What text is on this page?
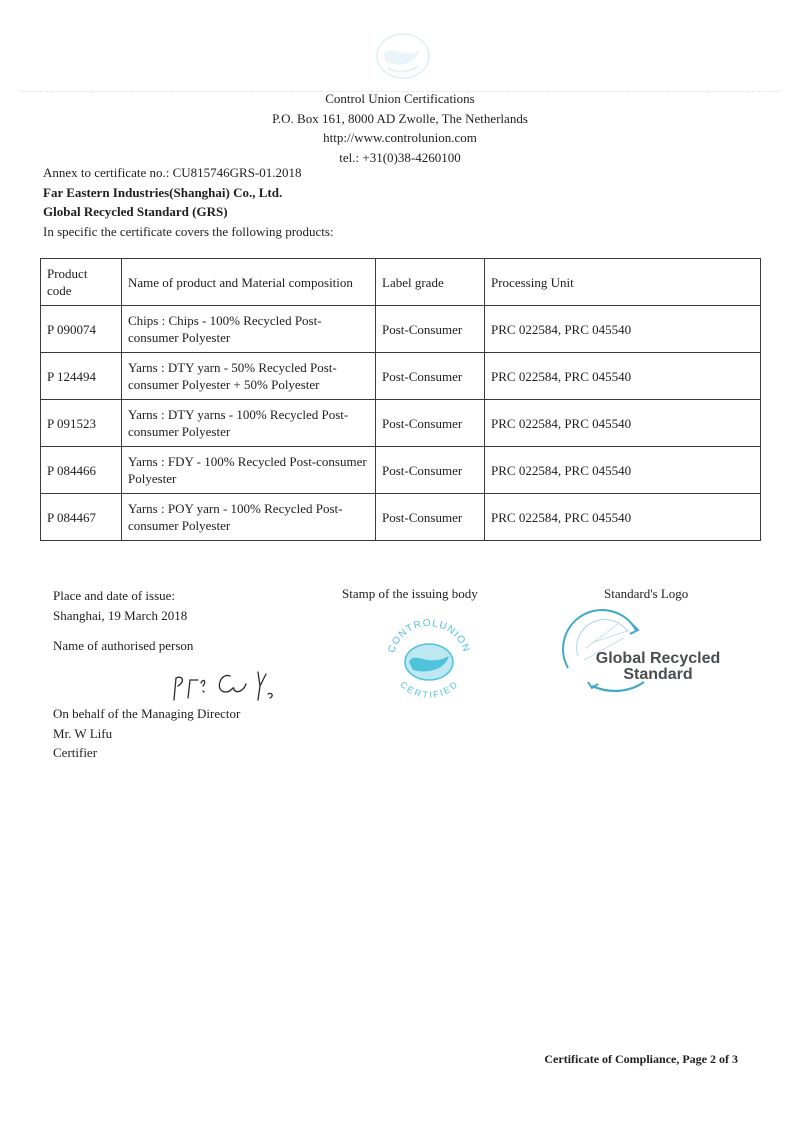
Control Union Certifications
P.O. Box 161, 8000 AD Zwolle, The Netherlands
http://www.controlunion.com
tel.: +31(0)38-4260100
Annex to certificate no.: CU815746GRS-01.2018
Far Eastern Industries(Shanghai) Co., Ltd.
Global Recycled Standard (GRS)
In specific the certificate covers the following products:
Product code	Name of product and Material composition	Label grade	Processing Unit
P 090074	Chips : Chips - 100% Recycled Post-consumer Polyester	Post-Consumer	PRC 022584, PRC 045540
P 124494	Yarns : DTY yarn - 50% Recycled Post-consumer Polyester + 50% Polyester	Post-Consumer	PRC 022584, PRC 045540
P 091523	Yarns : DTY yarns - 100% Recycled Post-consumer Polyester	Post-Consumer	PRC 022584, PRC 045540
P 084466	Yarns : FDY - 100% Recycled Post-consumer Polyester	Post-Consumer	PRC 022584, PRC 045540
P 084467	Yarns : POY yarn - 100% Recycled Post-consumer Polyester	Post-Consumer	PRC 022584, PRC 045540
Place and date of issue:
Shanghai, 19 March 2018
Name of authorised person
On behalf of the Managing Director
Mr. W Lifu
Certifier
Stamp of the issuing body
CONTROLUNION
CERTIFIED
Standard's Logo
Global Recycled
Standard
Certificate of Compliance, Page 2 of 3
